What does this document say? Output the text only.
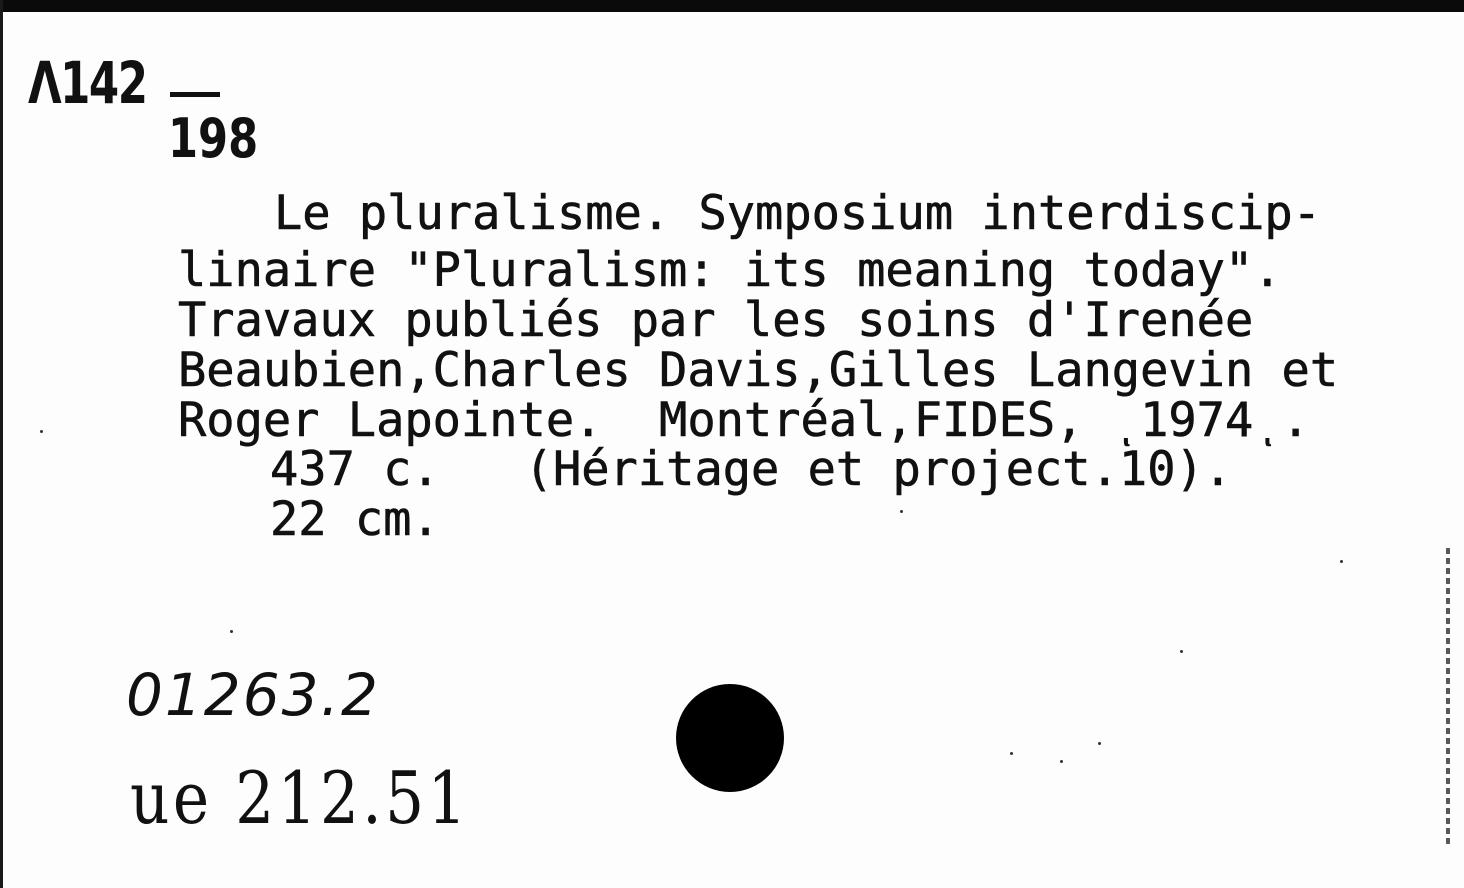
Λ142
198
Le pluralisme. Symposium interdiscip-
linaire "Pluralism: its meaning today".
Travaux publiés par les soins d'Irenée
Beaubien,Charles Davis,Gilles Langevin et
Roger Lapointe.  Montréal,FIDES, ͺ1974ͺ.
437 c.   (Héritage et project.10).
22 cm.
01263.2
ue 212.51
